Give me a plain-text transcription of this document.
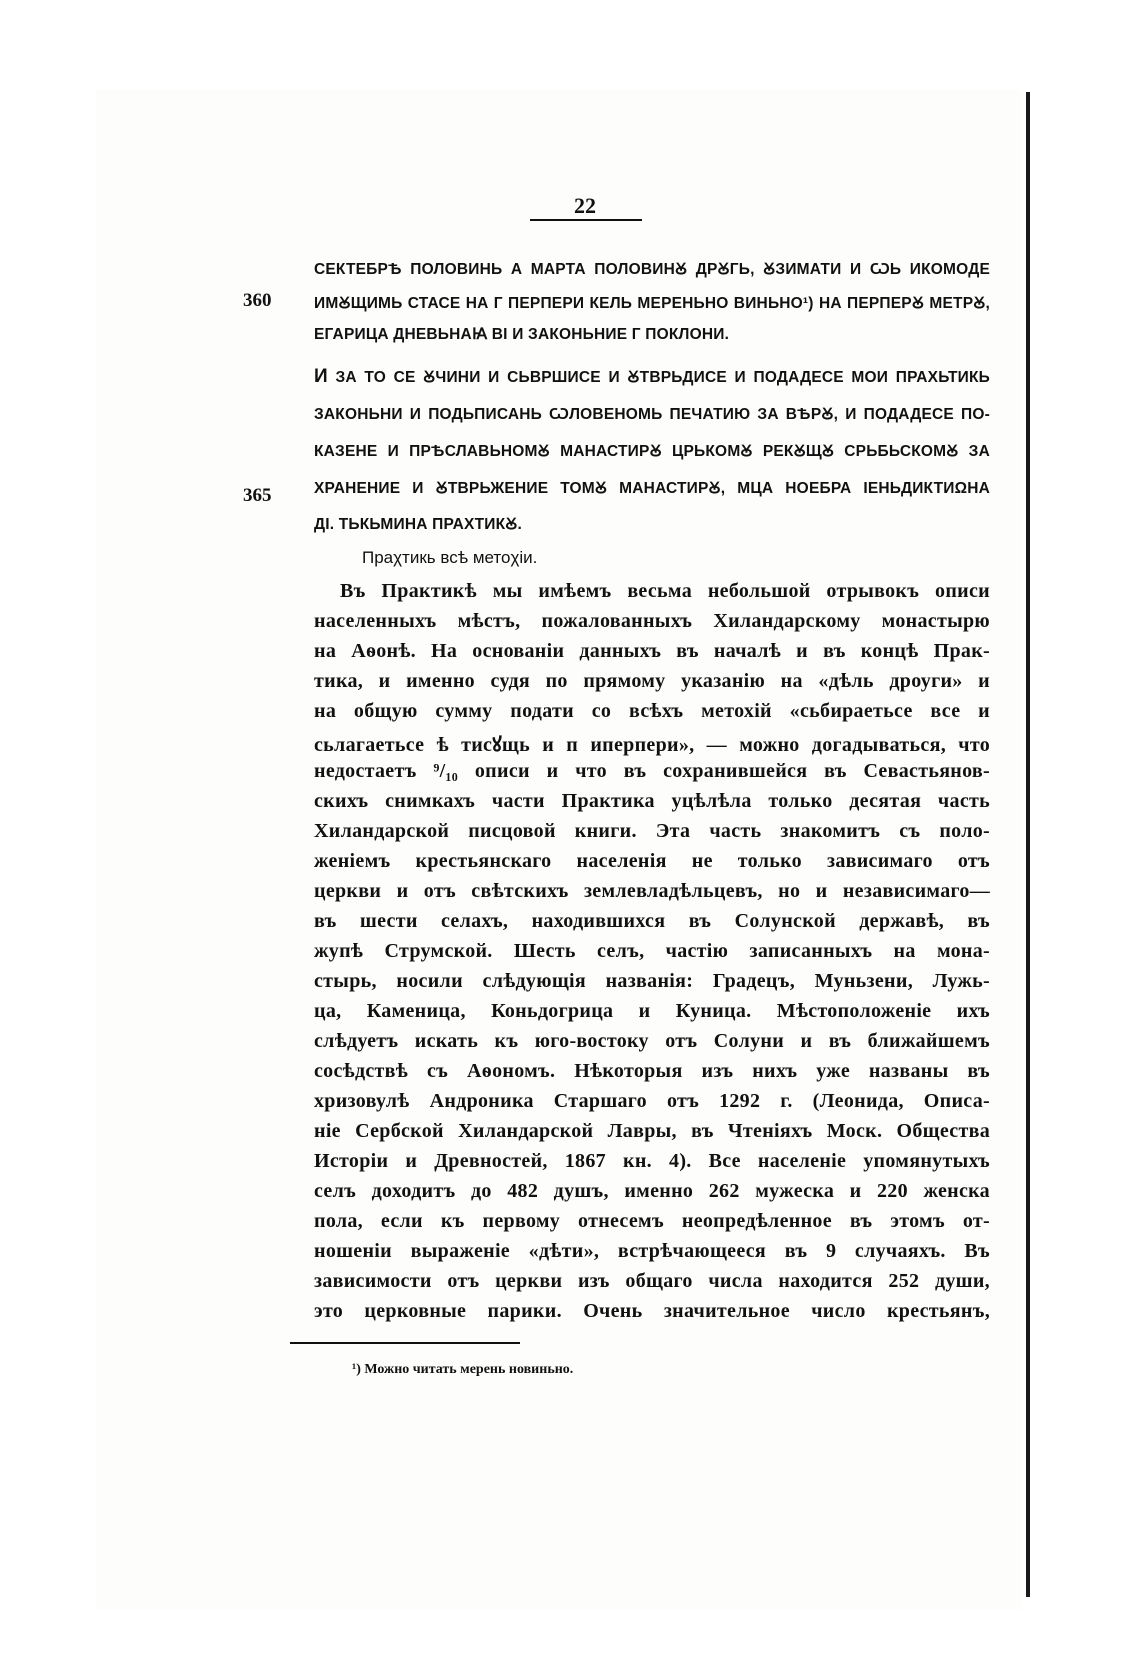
22
360
365
СЕКТЕБРѢ ПОЛОВИНЬ А МАРТА ПОЛОВИНꙊ ДРꙊГЬ, ꙊЗИМАТИ И ѠЬ ИКОМОДЕ
ИМꙊЩИМЬ СТАСЕ НА Г ПЕРПЕРИ КЕЛЬ МЕРЕНЬНО ВИНЬНО¹) НА ПЕРПЕРꙊ МЕТРꙊ,
ЕГАРИЦА ДНЕВЬНАꙖ ВІ И ЗАКОНЬНИЕ Г ПОКЛОНИ.
И ЗА ТО СЕ ꙊЧИНИ И СЬВРШИСЕ И ꙊТВРЬДИСЕ И ПОДАДЕСЕ МОИ ПРАΧЬТИКЬ
ЗАКОНЬНИ И ПОДЬПИСАНЬ ѠЛОВЕНОМЬ ПЕЧАТИЮ ЗА ВѢРꙊ, И ПОДАДЕСЕ ПО-
КАЗЕНЕ И ПРѢСЛАВЬНОМꙊ МАНАСТИРꙊ ЦРЬКОМꙊ РЕКꙊЩꙊ СРЬБЬСКОМꙊ ЗА
ХРАНЕНИЕ И ꙊТВРЬЖЕНИЕ ТОМꙊ МАНАСТИРꙊ, МЦА НΟЕБРА IЕНЬДИКТИΩНА
ДІ. ТЬКЬМИНА ПРАΧТИКꙊ.
Праχтикь всѣ метоχіи.
Въ Практикѣ мы имѣемъ весьма небольшой отрывокъ описи
населенныхъ мѣстъ, пожалованныхъ Хиландарскому монастырю
на Аѳонѣ. На основаніи данныхъ въ началѣ и въ концѣ Прак-
тика, и именно судя по прямому указанію на «дѣль дроуги» и
на общую сумму подати со всѣхъ метохій «сьбираетьсе все и
сьлагаетьсе ѣ тисꙋщь и п иперпери», — можно догадываться, что
недостаетъ ⁹/₁₀ описи и что въ сохранившейся въ Севастьянов-
скихъ снимкахъ части Практика уцѣлѣла только десятая часть
Хиландарской писцовой книги. Эта часть знакомитъ съ поло-
женіемъ крестьянскаго населенія не только зависимаго отъ
церкви и отъ свѣтскихъ землевладѣльцевъ, но и независимаго—
въ шести селахъ, находившихся въ Солунской державѣ, въ
жупѣ Струмской. Шесть селъ, частію записанныхъ на мона-
стырь, носили слѣдующія названія: Градецъ, Муньзени, Лужь-
ца, Каменица, Коньдогрица и Куница. Мѣстоположеніе ихъ
слѣдуетъ искать къ юго-востоку отъ Солуни и въ ближайшемъ
сосѣдствѣ съ Аѳономъ. Нѣкоторыя изъ нихъ уже названы въ
хризовулѣ Андроника Старшаго отъ 1292 г. (Леонида, Описа-
ніе Сербской Хиландарской Лавры, въ Чтеніяхъ Моск. Общества
Исторіи и Древностей, 1867 кн. 4). Все населеніе упомянутыхъ
селъ доходитъ до 482 душъ, именно 262 мужеска и 220 женска
пола, если къ первому отнесемъ неопредѣленное въ этомъ от-
ношеніи выраженіе «дѣти», встрѣчающееся въ 9 случаяхъ. Въ
зависимости отъ церкви изъ общаго числа находится 252 души,
это церковные парики. Очень значительное число крестьянъ,
¹) Можно читать мерень новиньно.
